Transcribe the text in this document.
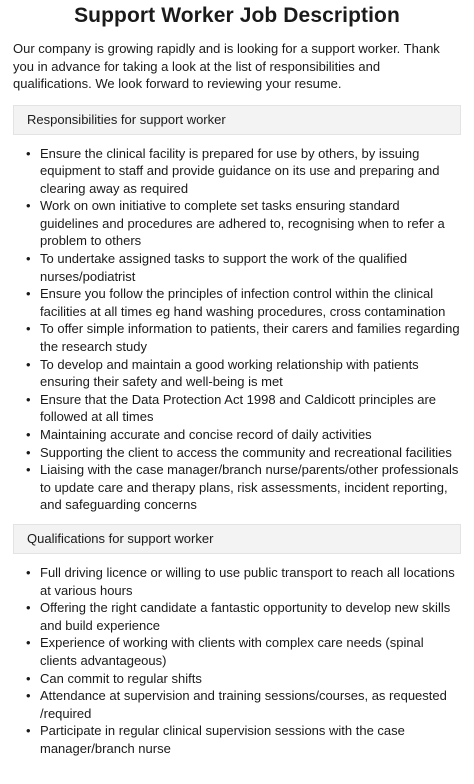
Support Worker Job Description

Our company is growing rapidly and is looking for a support worker. Thank you in advance for taking a look at the list of responsibilities and qualifications. We look forward to reviewing your resume.

Responsibilities for support worker
• Ensure the clinical facility is prepared for use by others, by issuing equipment to staff and provide guidance on its use and preparing and clearing away as required
• Work on own initiative to complete set tasks ensuring standard guidelines and procedures are adhered to, recognising when to refer a problem to others
• To undertake assigned tasks to support the work of the qualified nurses/podiatrist
• Ensure you follow the principles of infection control within the clinical facilities at all times eg hand washing procedures, cross contamination
• To offer simple information to patients, their carers and families regarding the research study
• To develop and maintain a good working relationship with patients ensuring their safety and well-being is met
• Ensure that the Data Protection Act 1998 and Caldicott principles are followed at all times
• Maintaining accurate and concise record of daily activities
• Supporting the client to access the community and recreational facilities
• Liaising with the case manager/branch nurse/parents/other professionals to update care and therapy plans, risk assessments, incident reporting, and safeguarding concerns
Qualifications for support worker
• Full driving licence or willing to use public transport to reach all locations at various hours
• Offering the right candidate a fantastic opportunity to develop new skills and build experience
• Experience of working with clients with complex care needs (spinal clients advantageous)
• Can commit to regular shifts
• Attendance at supervision and training sessions/courses, as requested /required
• Participate in regular clinical supervision sessions with the case manager/branch nurse
